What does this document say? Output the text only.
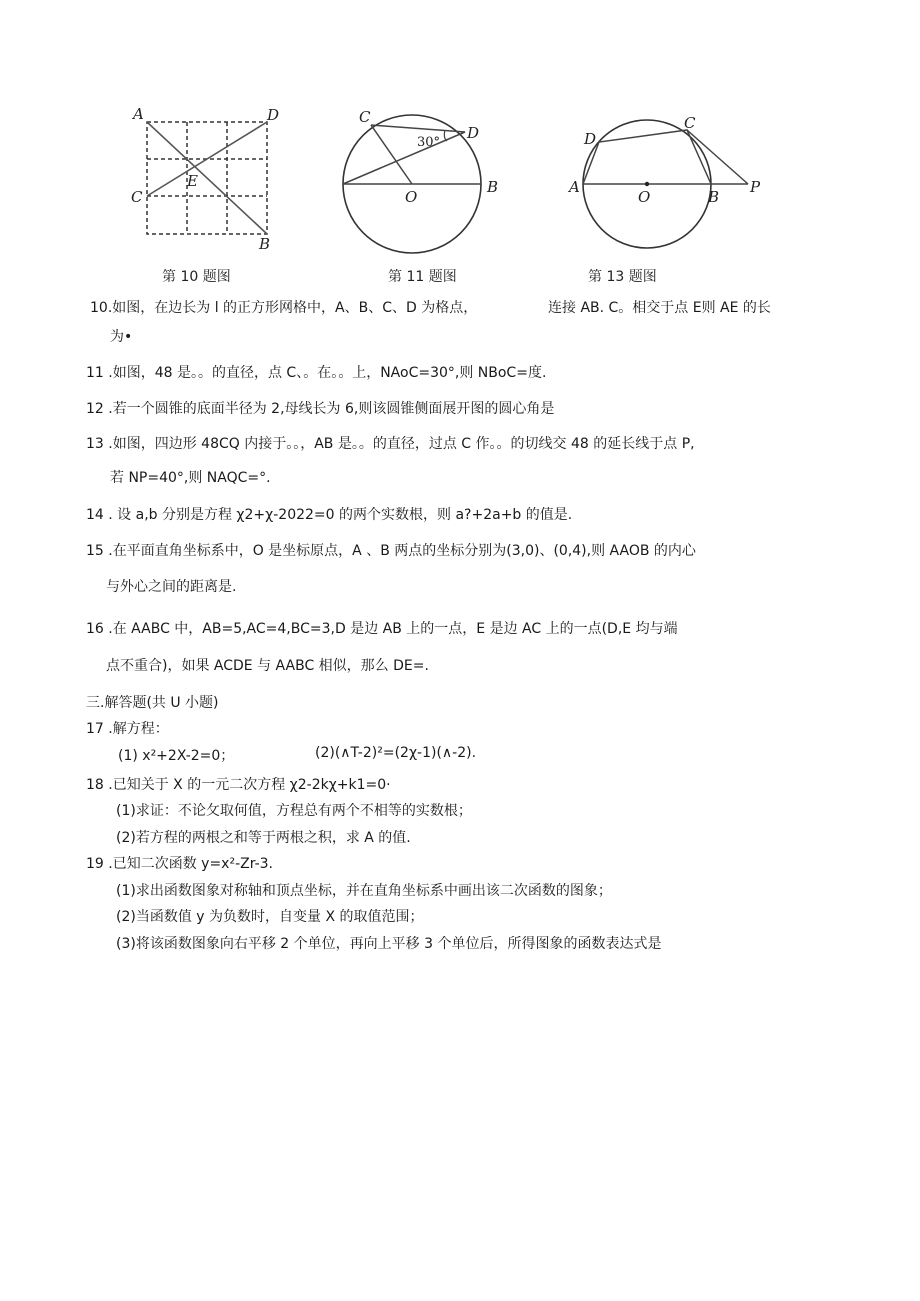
A	D
C
E
B
第 10 题图
C
D
30°
O
B
第 11 题图
D
C
A
O	B
P
第 13 题图
10.如图，在边长为 l 的正方形网格中，A、B、C、D 为格点，	连接 AB. C。相交于点 E则 AE 的长
为•
11 .如图，48 是。。的直径，点 C、。在。。上，NAoC=30°,则 NBoC=度.
12 .若一个圆锥的底面半径为 2,母线长为 6,则该圆锥侧面展开图的圆心角是
13 .如图，四边形 48CQ 内接于。。，AB 是。。的直径，过点 C 作。。的切线交 48 的延长线于点 P,
若 NP=40°,则 NAQC=°.
14 . 设 a,b 分别是方程 χ2+χ-2022=0 的两个实数根，则 a?+2a+b 的值是.
15 .在平面直角坐标系中，O 是坐标原点，A 、B 两点的坐标分别为(3,0)、(0,4),则 AAOB 的内心
与外心之间的距离是.
16 .在 AABC 中，AB=5,AC=4,BC=3,D 是边 AB 上的一点，E 是边 AC 上的一点(D,E 均与端
点不重合)，如果 ACDE 与 AABC 相似，那么 DE=.
三.解答题(共 U 小题)
17 .解方程：
(1) x²+2X-2=0；	(2)(∧T-2)²=(2χ-1)(∧-2).
18 .已知关于 X 的一元二次方程 χ2-2kχ+k1=0·
(1)求证：不论攵取何值，方程总有两个不相等的实数根；
(2)若方程的两根之和等于两根之积，求 A 的值.
19 .已知二次函数 y=x²-Zr-3.
(1)求出函数图象对称轴和顶点坐标，并在直角坐标系中画出该二次函数的图象；
(2)当函数值 y 为负数时，自变量 X 的取值范围；
(3)将该函数图象向右平移 2 个单位，再向上平移 3 个单位后，所得图象的函数表达式是
